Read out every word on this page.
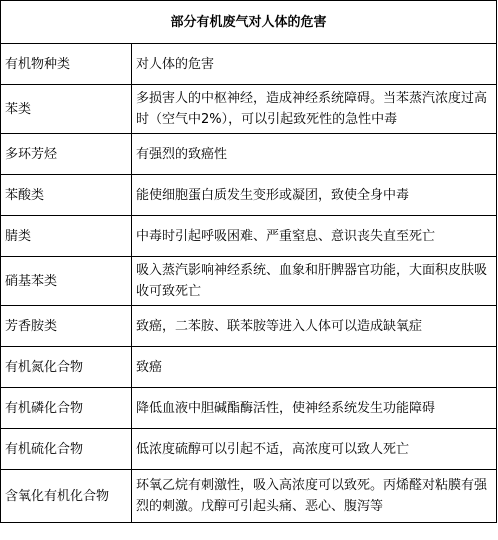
部分有机废气对人体的危害	
有机物种类	对人体的危害
苯类	多损害人的中枢神经，造成神经系统障碍。当苯蒸汽浓度过高时（空气中2%），可以引起致死性的急性中毒
多环芳烃	有强烈的致癌性
苯酸类	能使细胞蛋白质发生变形或凝团，致使全身中毒
腈类	中毒时引起呼吸困难、严重窒息、意识丧失直至死亡
硝基苯类	吸入蒸汽影响神经系统、血象和肝脾器官功能，大面积皮肤吸收可致死亡
芳香胺类	致癌，二苯胺、联苯胺等进入人体可以造成缺氧症
有机氮化合物	致癌
有机磷化合物	降低血液中胆碱酯酶活性，使神经系统发生功能障碍
有机硫化合物	低浓度硫醇可以引起不适，高浓度可以致人死亡
含氧化有机化合物	环氧乙烷有刺激性，吸入高浓度可以致死。丙烯醛对粘膜有强烈的刺激。戊醇可引起头痛、恶心、腹泻等
